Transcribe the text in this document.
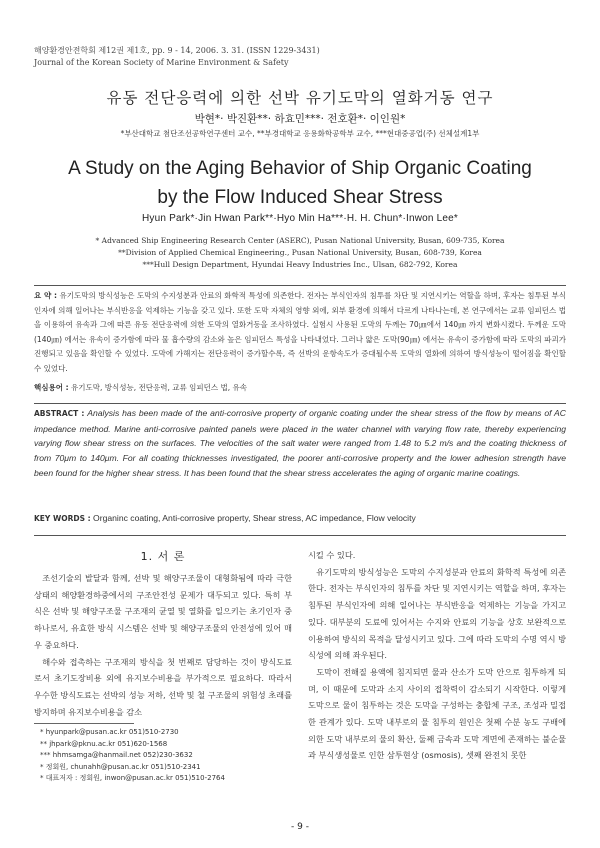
해양환경안전학회 제12권 제1호, pp. 9 - 14, 2006. 3. 31. (ISSN 1229-3431)
Journal of the Korean Society of Marine Environment & Safety
유동 전단응력에 의한 선박 유기도막의 열화거동 연구
박현*· 박진환**· 하효민***· 전호환*· 이인원*
*부산대학교 첨단조선공학연구센터 교수, **부경대학교 응용화학공학부 교수, ***현대중공업(주) 선체설계1부
A Study on the Aging Behavior of Ship Organic Coating
by the Flow Induced Shear Stress
Hyun Park*·Jin Hwan Park**·Hyo Min Ha***·H. H. Chun*·Inwon Lee*
* Advanced Ship Engineering Research Center (ASERC), Pusan National University, Busan, 609-735, Korea
**Division of Applied Chemical Engineering., Pusan National University, Busan, 608-739, Korea
***Hull Design Department, Hyundai Heavy Industries Inc., Ulsan, 682-792, Korea
요 약 : 유기도막의 방식성능은 도막의 수지성분과 안료의 화학적 특성에 의존한다. 전자는 부식인자의 침투를 차단 및 지연시키는 역할을 하며, 후자는 침투된 부식인자에 의해 일어나는 부식반응을 억제하는 기능을 갖고 있다. 또한 도막 자체의 영향 외에, 외부 환경에 의해서 다르게 나타나는데, 본 연구에서는 교류 임피던스 법을 이용하여 유속과 그에 따른 유동 전단응력에 의한 도막의 열화거동을 조사하였다. 실험시 사용된 도막의 두께는 70㎛에서 140㎛ 까지 변화시켰다. 두께운 도막(140㎛) 에서는 유속이 증가함에 따라 물 흡수량의 감소와 높은 임피던스 특성을 나타내었다. 그러나 얇은 도막(90㎛) 에서는 유속이 증가함에 따라 도막의 파괴가 진행되고 있음을 확인할 수 있었다. 도막에 가해지는 전단응력이 증가할수록, 즉 선박의 운항속도가 증대될수록 도막의 열화에 의하여 방식성능이 떨어짐을 확인할 수 있었다.
핵심용어 : 유기도막, 방식성능, 전단응력, 교류 임피던스 법, 유속
ABSTRACT : Analysis has been made of the anti-corrosive property of organic coating under the shear stress of the flow by means of AC impedance method. Marine anti-corrosive painted panels were placed in the water channel with varying flow rate, thereby experiencing varying flow shear stress on the surfaces. The velocities of the salt water were ranged from 1.48 to 5.2 m/s and the coating thickness of from 70μm to 140μm. For all coating thicknesses investigated, the poorer anti-corrosive property and the lower adhesion strength have been found for the higher shear stress. It has been found that the shear stress accelerates the aging of organic marine coatings.
KEY WORDS : Organinc coating, Anti-corrosive property, Shear stress, AC impedance, Flow velocity
1. 서 론

조선기술의 발달과 함께, 선박 및 해양구조물이 대형화됨에 따라 극한 상태의 해양환경하중에서의 구조안전성 문제가 대두되고 있다. 특히 부식은 선박 및 해양구조물 구조재의 균열 및 열화를 일으키는 초기인자 중 하나로서, 유효한 방식 시스템은 선박 및 해양구조물의 안전성에 있어 매우 중요하다.

해수와 접촉하는 구조재의 방식을 첫 번째로 담당하는 것이 방식도료로서 초기도장비용 외에 유지보수비용을 부가적으로 필요하다. 따라서 우수한 방식도료는 선박의 성능 저하, 선박 및 철 구조물의 위험성 초래를 방지하며 유지보수비용을 감소

시킬 수 있다.

유기도막의 방식성능은 도막의 수지성분과 안료의 화학적 특성에 의존한다. 전자는 부식인자의 침투를 차단 및 지연시키는 역할을 하며, 후자는 침투된 부식인자에 의해 일어나는 부식반응을 억제하는 기능을 가지고 있다. 대부분의 도료에 있어서는 수지와 안료의 기능을 상호 보완적으로 이용하여 방식의 목적을 달성시키고 있다. 그에 따라 도막의 수명 역시 방식성에 의해 좌우된다.

도막이 전해질 용액에 침지되면 물과 산소가 도막 안으로 침투하게 되며, 이 때문에 도막과 소지 사이의 접착력이 감소되기 시작한다. 이렇게 도막으로 물이 침투하는 것은 도막을 구성하는 충합체 구조, 조성과 밀접한 관계가 있다. 도막 내부로의 물 침투의 원인은 첫째 수분 농도 구배에 의한 도막 내부로의 물의 확산, 둘째 금속과 도막 계면에 존재하는 불순물과 부식생성물로 인한 삼투현상 (osmosis), 셋째 완전치 못한

* hyunpark@pusan.ac.kr 051)510-2730
** jhpark@pknu.ac.kr 051)620-1568
*** hhmsamga@hanmail.net 052)230-3632
* 정회원, chunahh@pusan.ac.kr 051)510-2341
* 대표저자 : 정회원, inwon@pusan.ac.kr 051)510-2764
- 9 -
